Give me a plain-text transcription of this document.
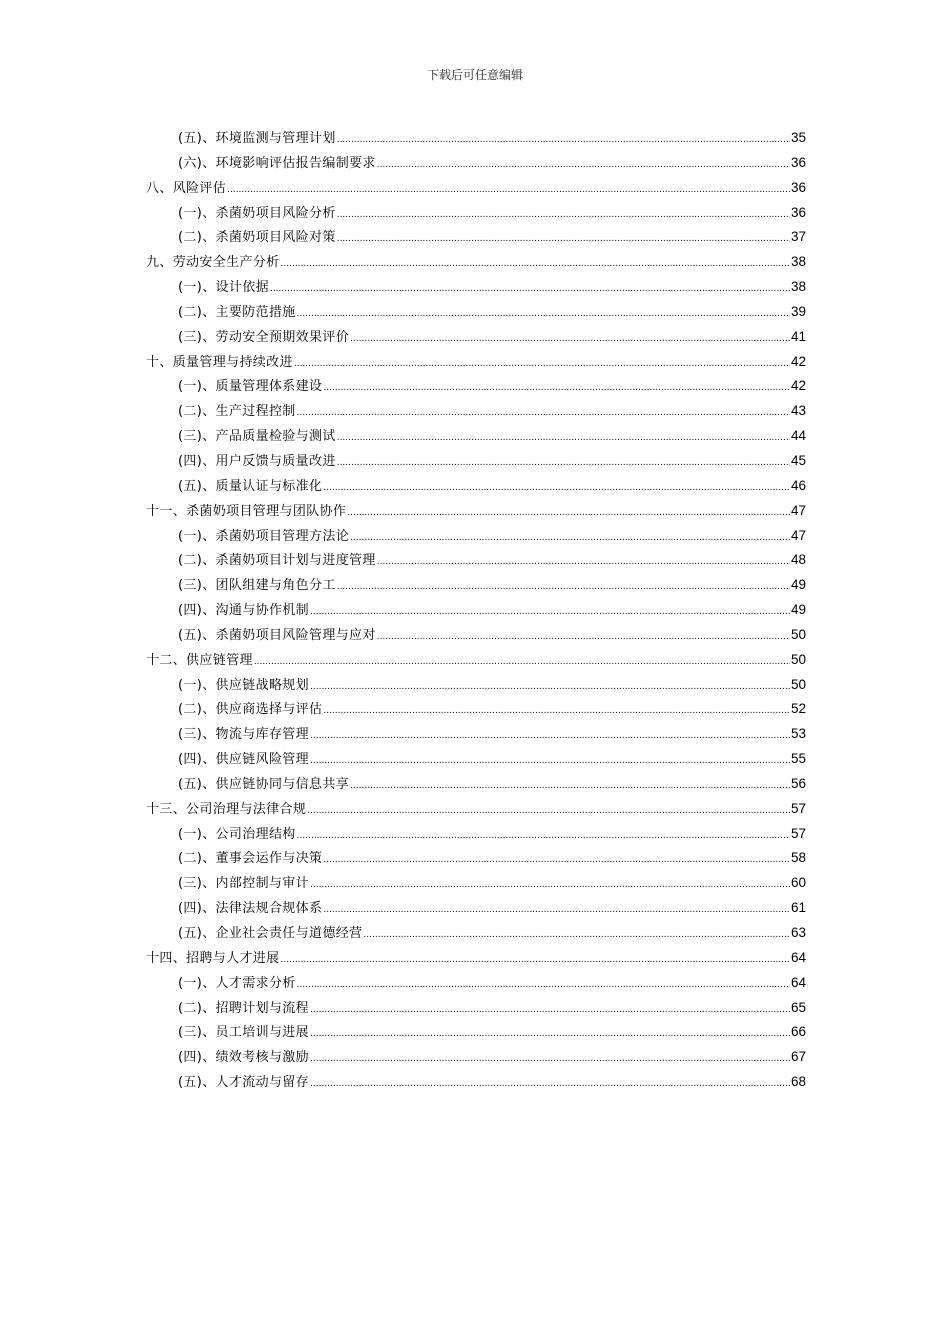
下载后可任意编辑
(五)、环境监测与管理计划 .....	35
(六)、环境影响评估报告编制要求 .....	36
八、风险评估 .....	36
(一)、杀菌奶项目风险分析 .....	36
(二)、杀菌奶项目风险对策 .....	37
九、劳动安全生产分析 .....	38
(一)、设计依据 .....	38
(二)、主要防范措施 .....	39
(三)、劳动安全预期效果评价 .....	41
十、质量管理与持续改进 .....	42
(一)、质量管理体系建设 .....	42
(二)、生产过程控制 .....	43
(三)、产品质量检验与测试 .....	44
(四)、用户反馈与质量改进 .....	45
(五)、质量认证与标准化 .....	46
十一、杀菌奶项目管理与团队协作 .....	47
(一)、杀菌奶项目管理方法论 .....	47
(二)、杀菌奶项目计划与进度管理 .....	48
(三)、团队组建与角色分工 .....	49
(四)、沟通与协作机制 .....	49
(五)、杀菌奶项目风险管理与应对 .....	50
十二、供应链管理 .....	50
(一)、供应链战略规划 .....	50
(二)、供应商选择与评估 .....	52
(三)、物流与库存管理 .....	53
(四)、供应链风险管理 .....	55
(五)、供应链协同与信息共享 .....	56
十三、公司治理与法律合规 .....	57
(一)、公司治理结构 .....	57
(二)、董事会运作与决策 .....	58
(三)、内部控制与审计 .....	60
(四)、法律法规合规体系 .....	61
(五)、企业社会责任与道德经营 .....	63
十四、招聘与人才进展 .....	64
(一)、人才需求分析 .....	64
(二)、招聘计划与流程 .....	65
(三)、员工培训与进展 .....	66
(四)、绩效考核与激励 .....	67
(五)、人才流动与留存 .....	68
